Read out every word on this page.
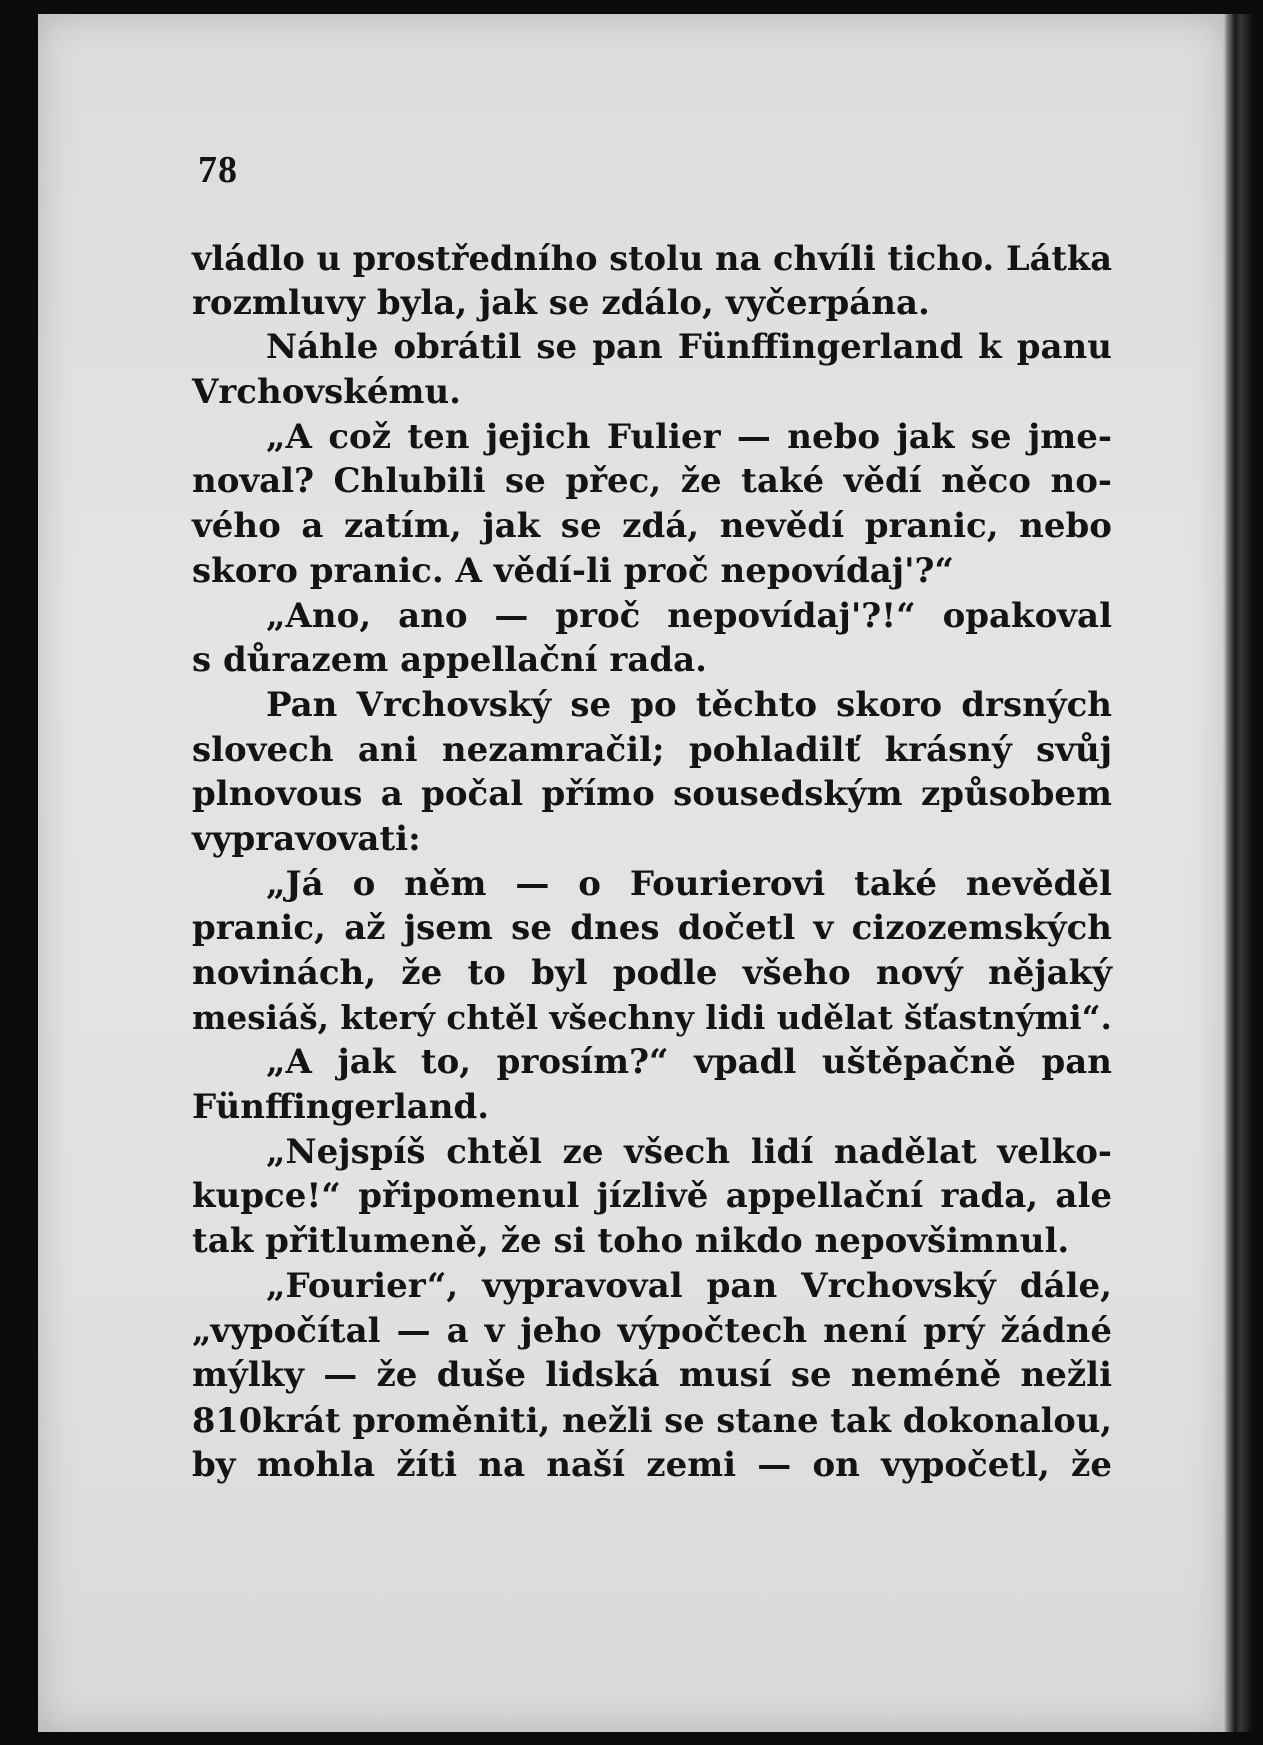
78
vládlo u prostředního stolu na chvíli ticho. Látka
rozmluvy byla, jak se zdálo, vyčerpána.
Náhle obrátil se pan Fünffingerland k panu
Vrchovskému.
„A což ten jejich Fulier — nebo jak se jme-
noval? Chlubili se přec, že také vědí něco no-
vého a zatím, jak se zdá, nevědí pranic, nebo
skoro pranic. A vědí-li proč nepovídaj'?“
„Ano, ano — proč nepovídaj'?!“ opakoval
s důrazem appellační rada.
Pan Vrchovský se po těchto skoro drsných
slovech ani nezamračil; pohladilť krásný svůj
plnovous a počal přímo sousedským způsobem
vypravovati:
„Já o něm — o Fourierovi také nevěděl
pranic, až jsem se dnes dočetl v cizozemských
novinách, že to byl podle všeho nový nějaký
mesiáš, který chtěl všechny lidi udělat šťastnými“.
„A jak to, prosím?“ vpadl uštěpačně pan
Fünffingerland.
„Nejspíš chtěl ze všech lidí nadělat velko-
kupce!“ připomenul jízlivě appellační rada, ale
tak přitlumeně, že si toho nikdo nepovšimnul.
„Fourier“, vypravoval pan Vrchovský dále,
„vypočítal — a v jeho výpočtech není prý žádné
mýlky — že duše lidská musí se neméně nežli
810krát proměniti, nežli se stane tak dokonalou,
by mohla žíti na naší zemi — on vypočetl, že
